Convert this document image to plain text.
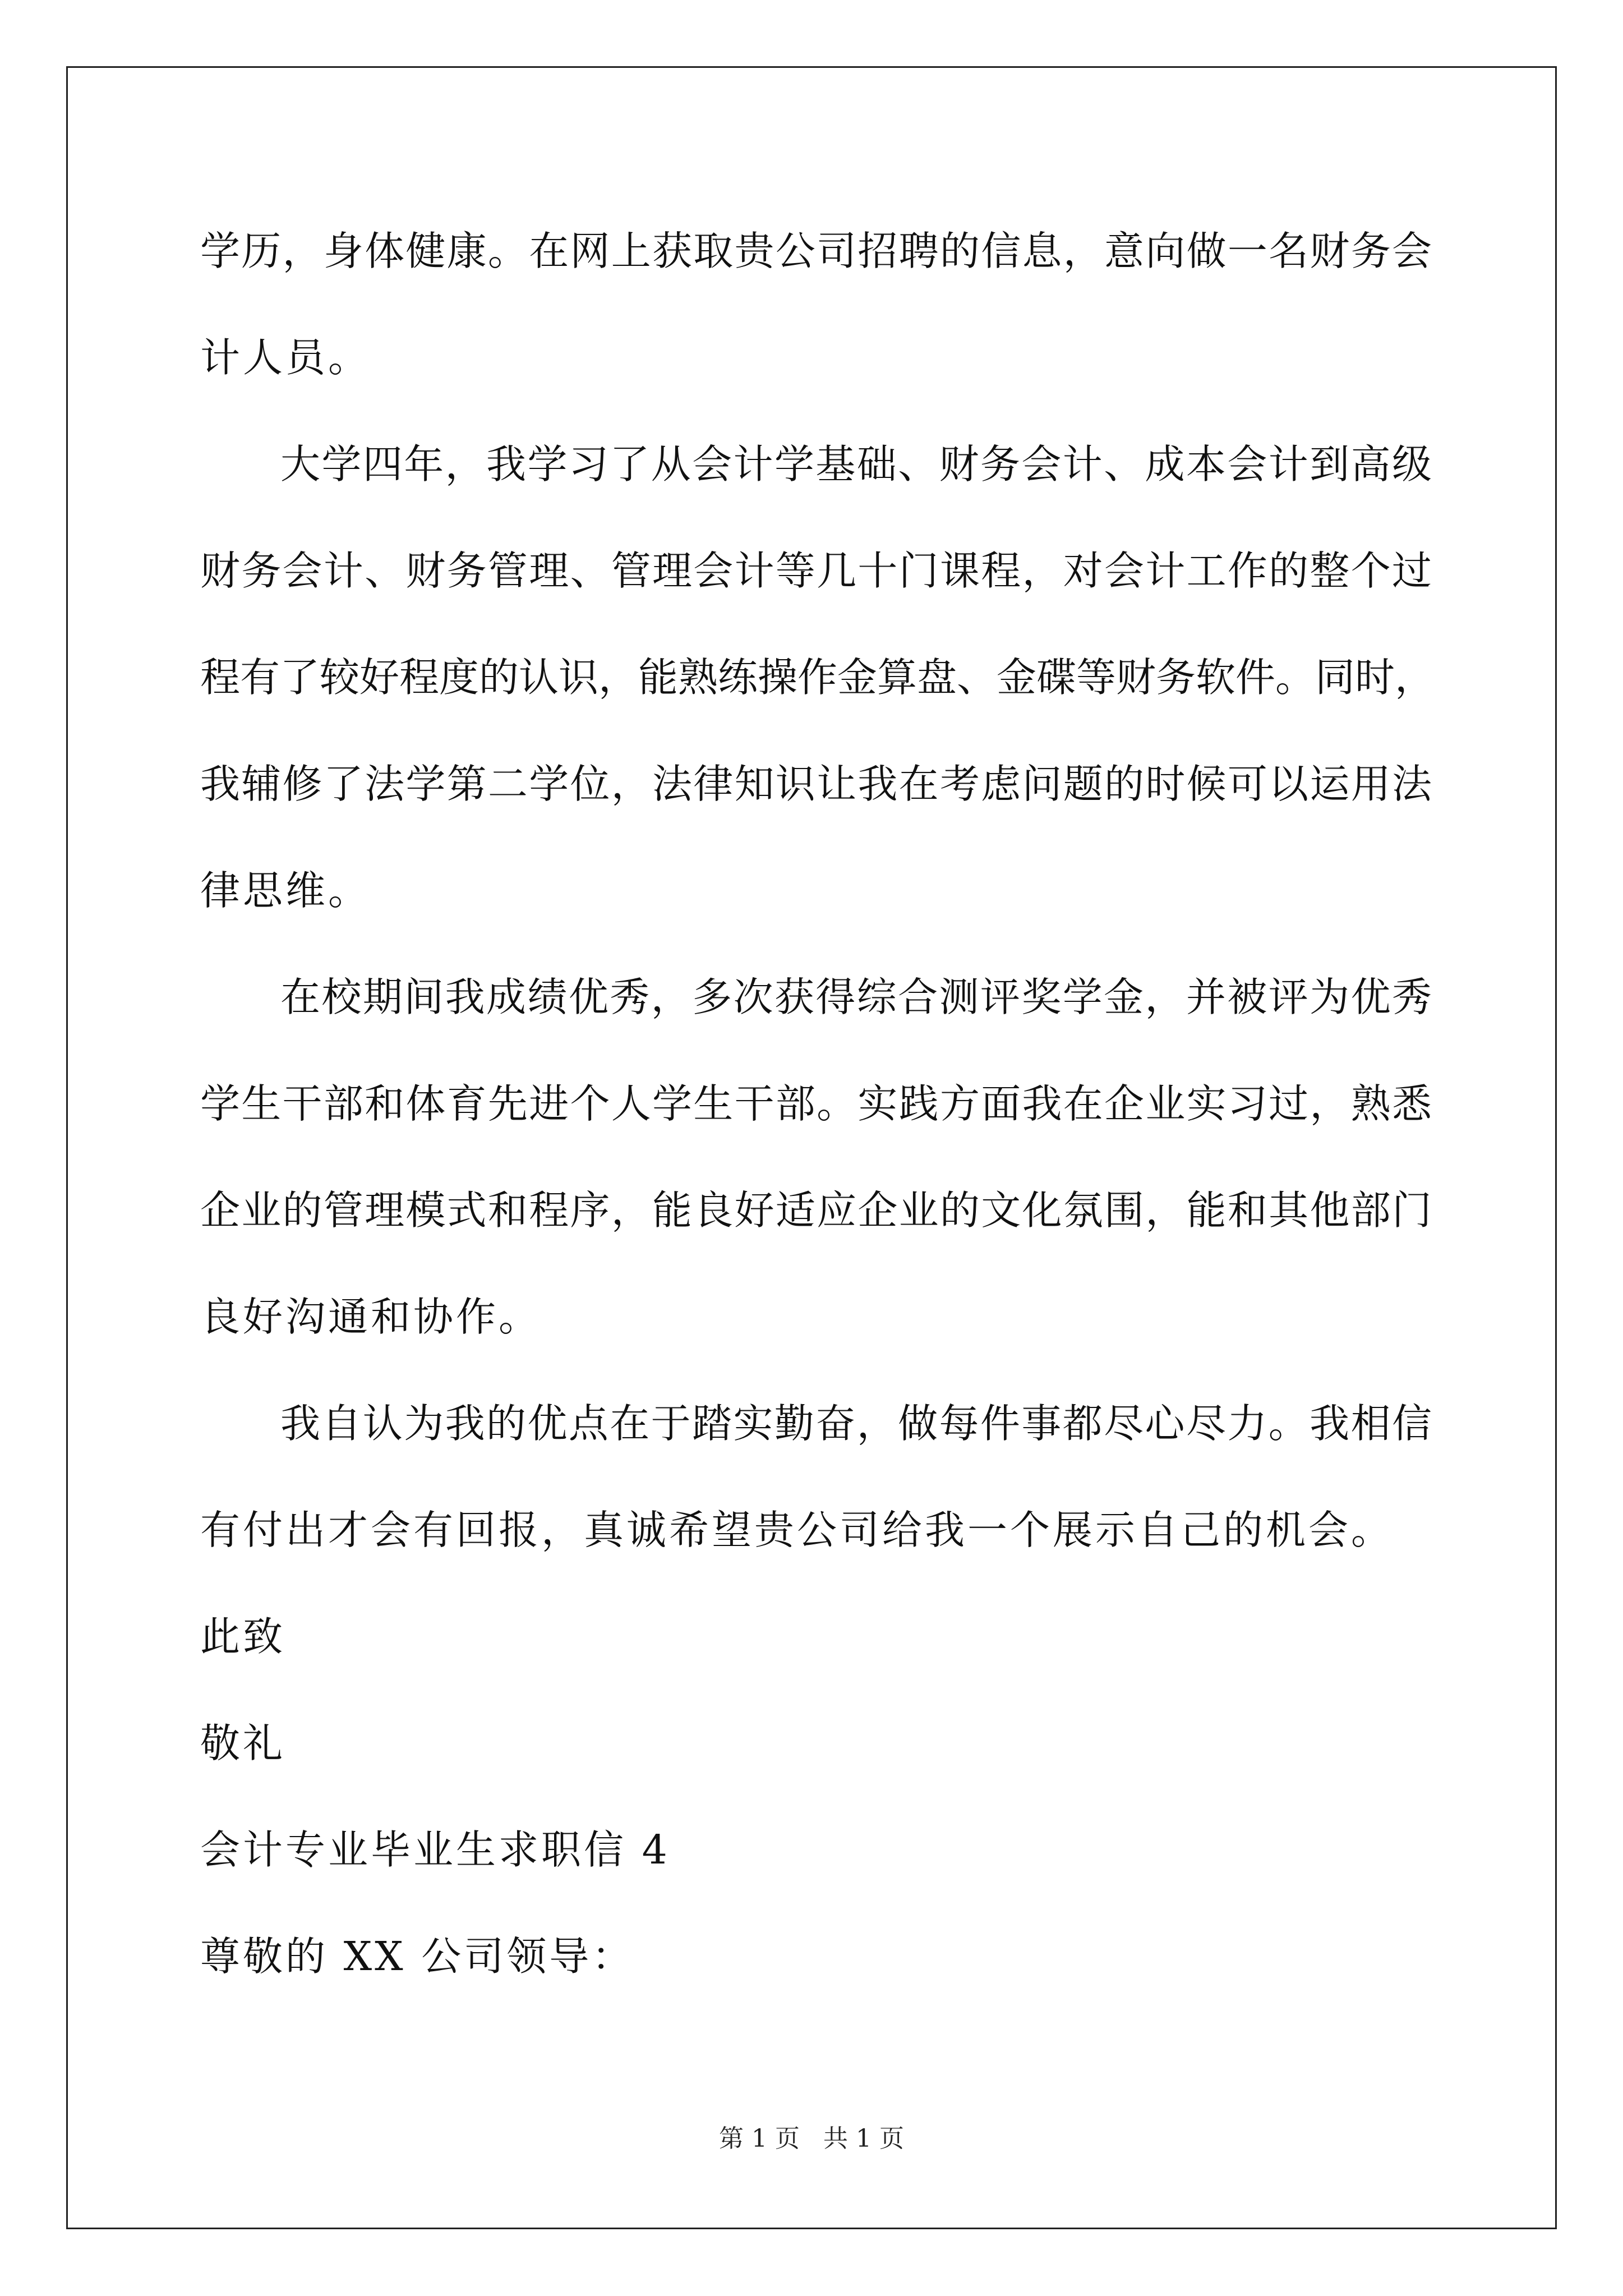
学历，身体健康。在网上获取贵公司招聘的信息，意向做一名财务会
计人员。
大学四年，我学习了从会计学基础、财务会计、成本会计到高级
财务会计、财务管理、管理会计等几十门课程，对会计工作的整个过
程有了较好程度的认识，能熟练操作金算盘、金碟等财务软件。同时，
我辅修了法学第二学位，法律知识让我在考虑问题的时候可以运用法
律思维。
在校期间我成绩优秀，多次获得综合测评奖学金，并被评为优秀
学生干部和体育先进个人学生干部。实践方面我在企业实习过，熟悉
企业的管理模式和程序，能良好适应企业的文化氛围，能和其他部门
良好沟通和协作。
我自认为我的优点在于踏实勤奋，做每件事都尽心尽力。我相信
有付出才会有回报，真诚希望贵公司给我一个展示自己的机会。
此致
敬礼
会计专业毕业生求职信 4
尊敬的 XX 公司领导：
第 1 页   共 1 页
